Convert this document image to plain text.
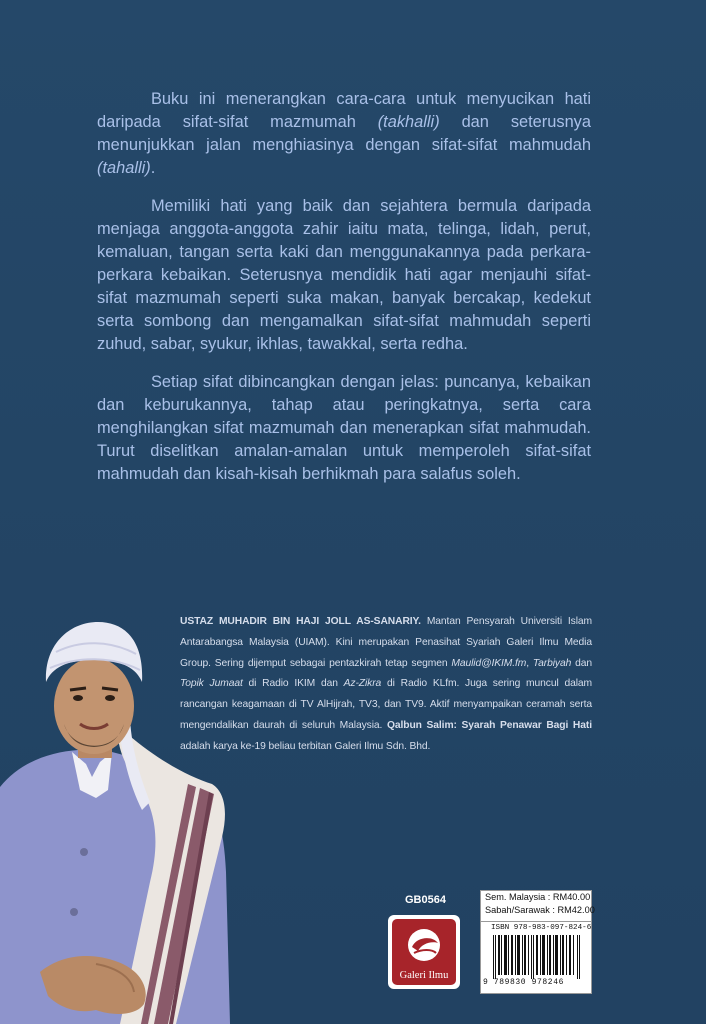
Buku ini menerangkan cara-cara untuk menyucikan hati daripada sifat-sifat mazmumah (takhalli) dan seterusnya menunjukkan jalan menghiasinya dengan sifat-sifat mahmudah (tahalli).

Memiliki hati yang baik dan sejahtera bermula daripada menjaga anggota-anggota zahir iaitu mata, telinga, lidah, perut, kemaluan, tangan serta kaki dan menggunakannya pada perkara-perkara kebaikan. Seterusnya mendidik hati agar menjauhi sifat-sifat mazmumah seperti suka makan, banyak bercakap, kedekut serta sombong dan mengamalkan sifat-sifat mahmudah seperti zuhud, sabar, syukur, ikhlas, tawakkal, serta redha.

Setiap sifat dibincangkan dengan jelas: puncanya, kebaikan dan keburukannya, tahap atau peringkatnya, serta cara menghilangkan sifat mazmumah dan menerapkan sifat mahmudah. Turut diselitkan amalan-amalan untuk memperoleh sifat-sifat mahmudah dan kisah-kisah berhikmah para salafus soleh.

USTAZ MUHADIR BIN HAJI JOLL AS-SANARIY. Mantan Pensyarah Universiti Islam Antarabangsa Malaysia (UIAM). Kini merupakan Penasihat Syariah Galeri Ilmu Media Group. Sering dijemput sebagai pentazkirah tetap segmen Maulid@IKIM.fm, Tarbiyah dan Topik Jumaat di Radio IKIM dan Az-Zikra di Radio KLfm. Juga sering muncul dalam rancangan keagamaan di TV AlHijrah, TV3, dan TV9. Aktif menyampaikan ceramah serta mengendalikan daurah di seluruh Malaysia. Qalbun Salim: Syarah Penawar Bagi Hati adalah karya ke-19 beliau terbitan Galeri Ilmu Sdn. Bhd.
GB0564
Galeri Ilmu
Sem. Malaysia : RM40.00
Sabah/Sarawak : RM42.00
ISBN 978-983-097-824-6
9 789830 978246
